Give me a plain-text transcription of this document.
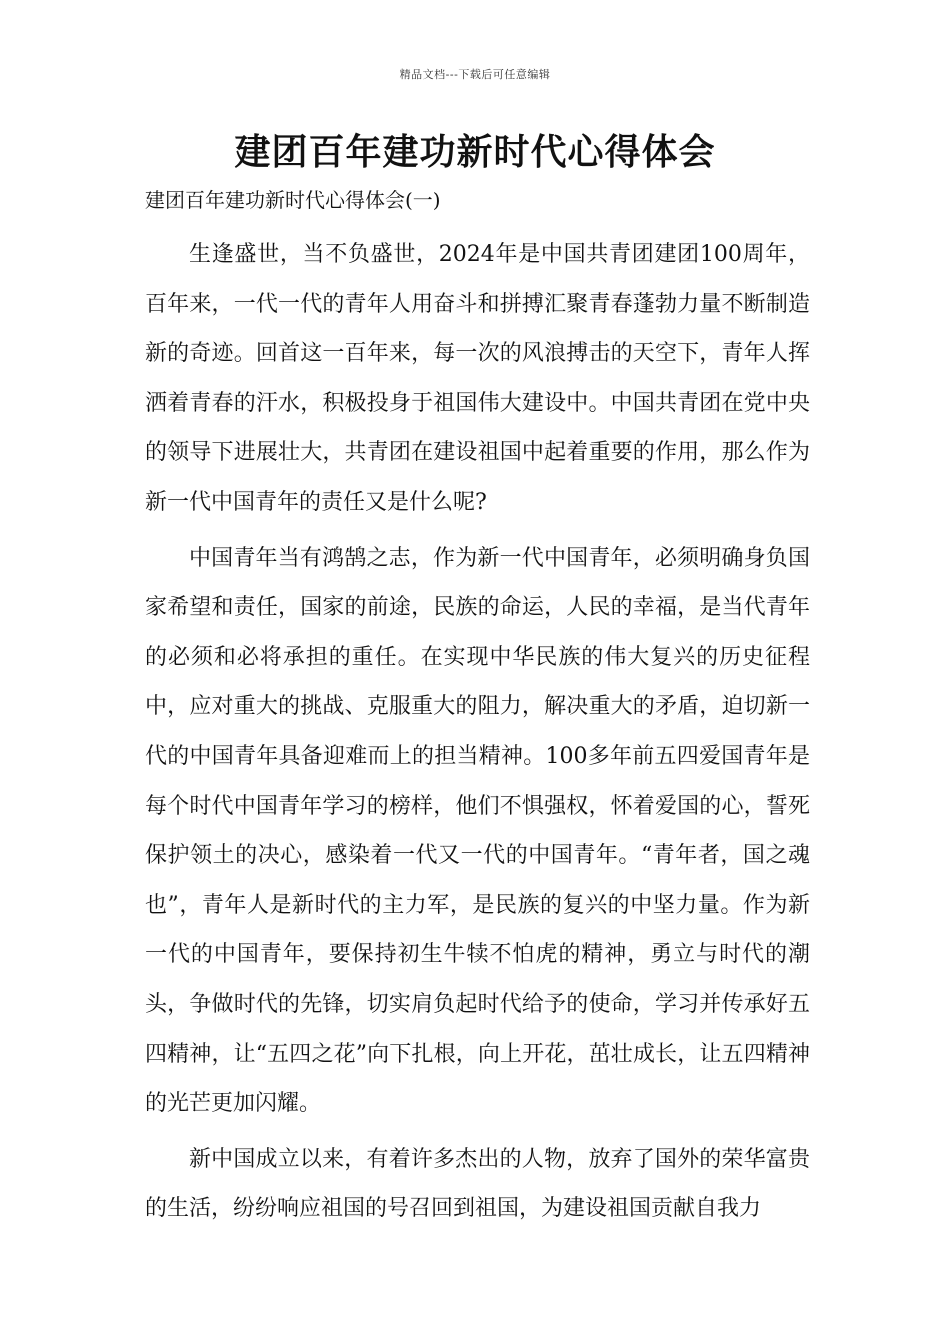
精品文档---下载后可任意编辑
建团百年建功新时代心得体会

建团百年建功新时代心得体会(一)

生逢盛世，当不负盛世，2024年是中国共青团建团100周年，百年来，一代一代的青年人用奋斗和拼搏汇聚青春蓬勃力量不断制造新的奇迹。回首这一百年来，每一次的风浪搏击的天空下，青年人挥洒着青春的汗水，积极投身于祖国伟大建设中。中国共青团在党中央的领导下进展壮大，共青团在建设祖国中起着重要的作用，那么作为新一代中国青年的责任又是什么呢?

中国青年当有鸿鹄之志，作为新一代中国青年，必须明确身负国家希望和责任，国家的前途，民族的命运，人民的幸福，是当代青年的必须和必将承担的重任。在实现中华民族的伟大复兴的历史征程中，应对重大的挑战、克服重大的阻力，解决重大的矛盾，迫切新一代的中国青年具备迎难而上的担当精神。100多年前五四爱国青年是每个时代中国青年学习的榜样，他们不惧强权，怀着爱国的心，誓死保护领土的决心，感染着一代又一代的中国青年。“青年者，国之魂也”，青年人是新时代的主力军，是民族的复兴的中坚力量。作为新一代的中国青年，要保持初生牛犊不怕虎的精神，勇立与时代的潮头，争做时代的先锋，切实肩负起时代给予的使命，学习并传承好五四精神，让“五四之花”向下扎根，向上开花，茁壮成长，让五四精神的光芒更加闪耀。

新中国成立以来，有着许多杰出的人物，放弃了国外的荣华富贵的生活，纷纷响应祖国的号召回到祖国，为建设祖国贡献自我力
